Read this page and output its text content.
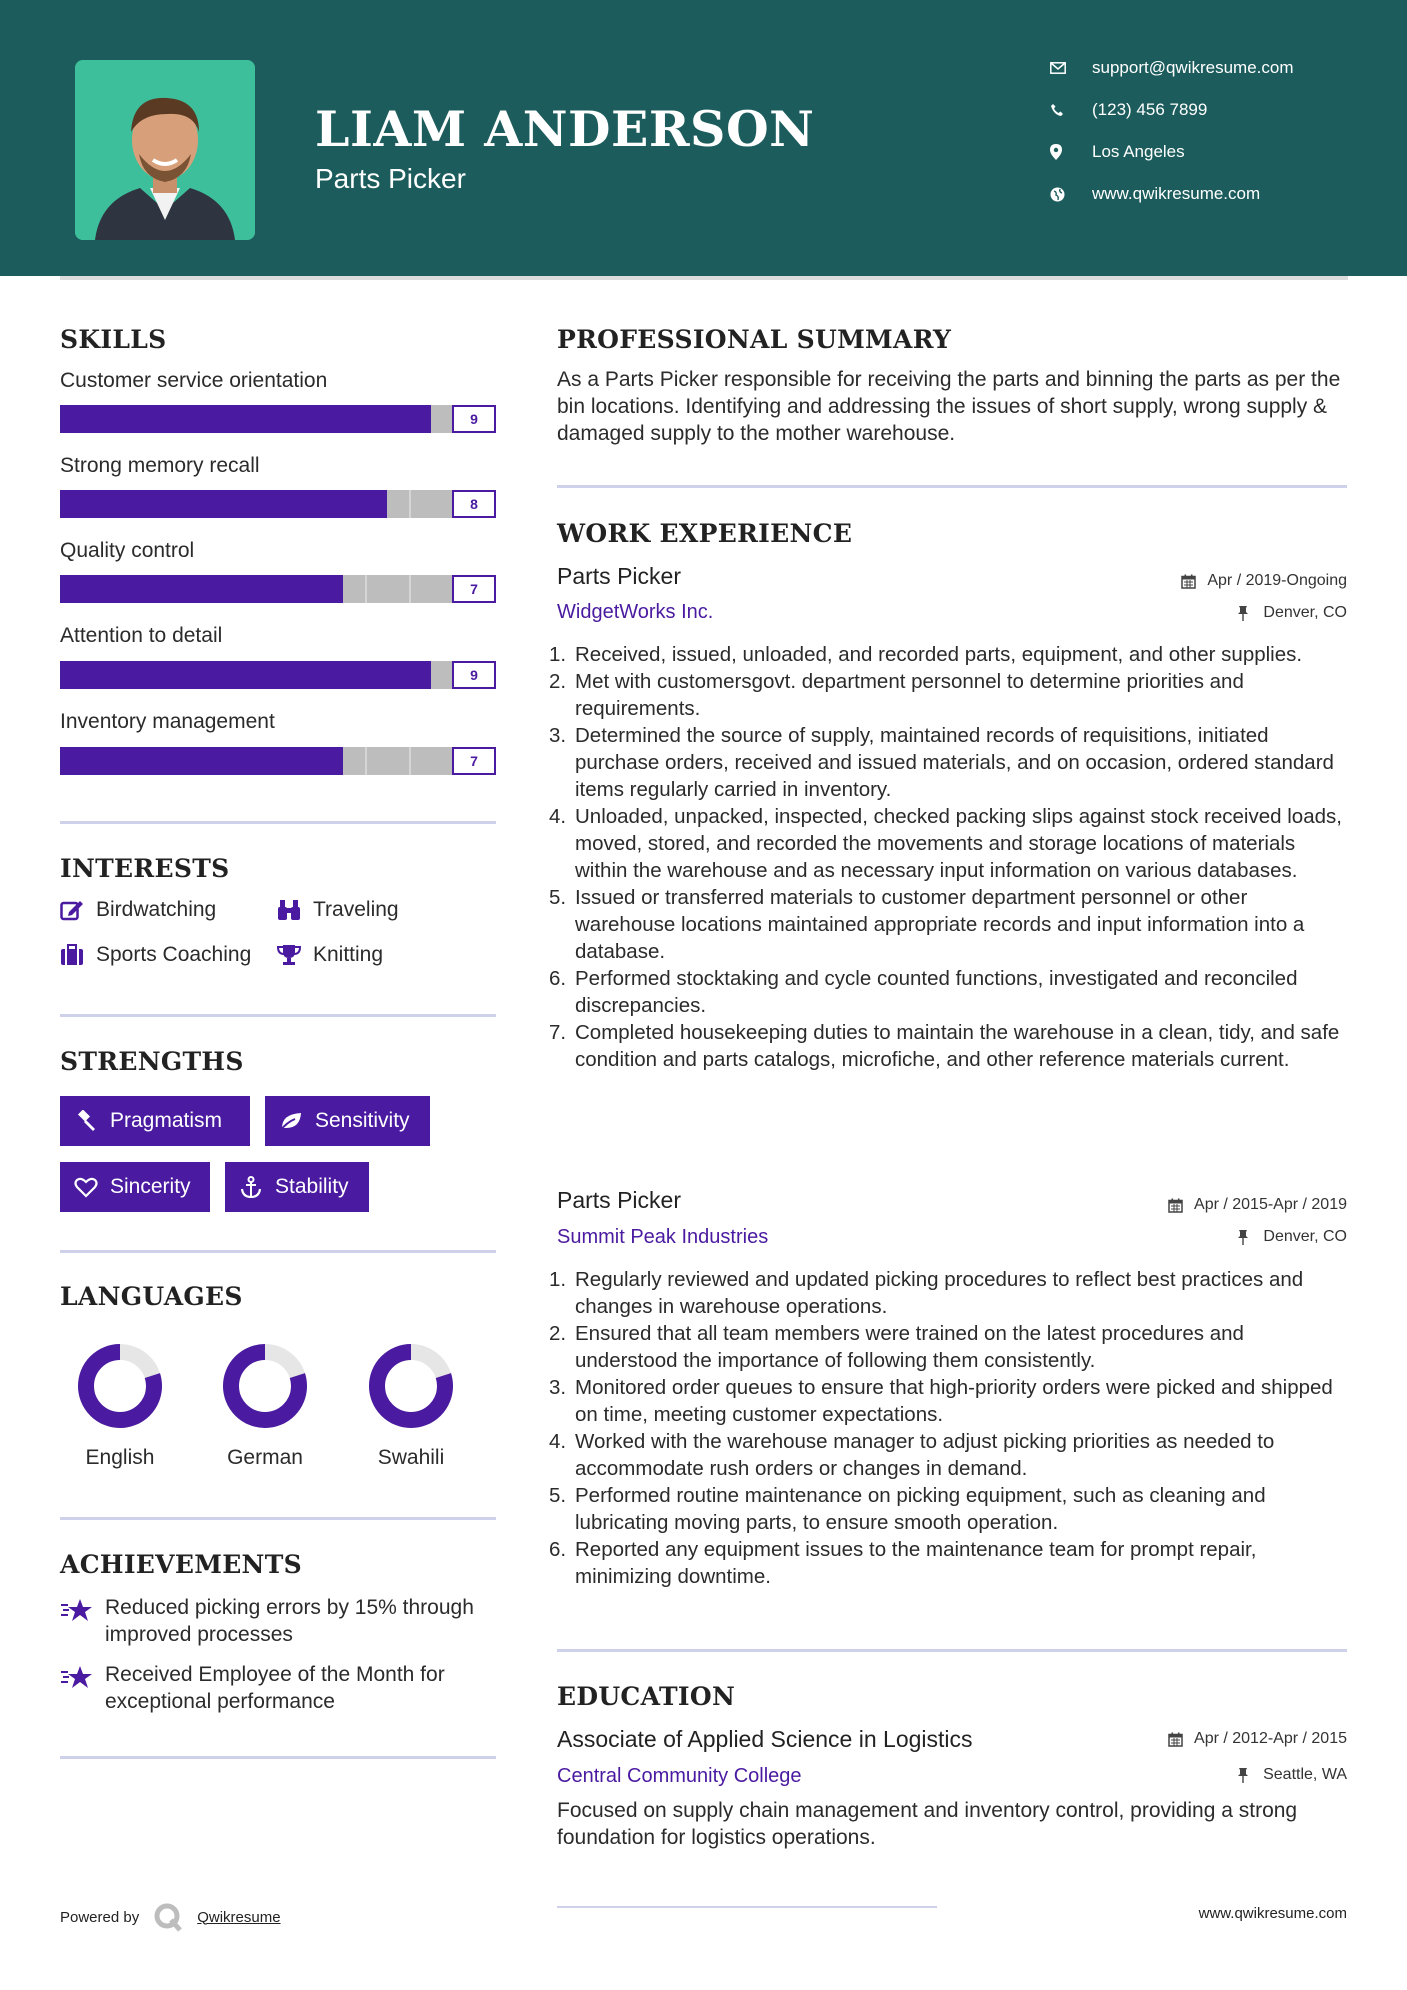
LIAM ANDERSON
Parts Picker
support@qwikresume.com
(123) 456 7899
Los Angeles
www.qwikresume.com
SKILLS
Customer service orientation
9
Strong memory recall
8
Quality control
7
Attention to detail
9
Inventory management
7
INTERESTS
Birdwatching	Traveling
Sports Coaching	Knitting
STRENGTHS
Pragmatism	Sensitivity
Sincerity	Stability
LANGUAGES
English	German	Swahili
ACHIEVEMENTS
Reduced picking errors by 15% through improved processes
Received Employee of the Month for exceptional performance
PROFESSIONAL SUMMARY
As a Parts Picker responsible for receiving the parts and binning the parts as per the bin locations. Identifying and addressing the issues of short supply, wrong supply & damaged supply to the mother warehouse.
WORK EXPERIENCE
Parts Picker	Apr / 2019-Ongoing
WidgetWorks Inc.	Denver, CO
1. Received, issued, unloaded, and recorded parts, equipment, and other supplies.
2. Met with customersgovt. department personnel to determine priorities and requirements.
3. Determined the source of supply, maintained records of requisitions, initiated purchase orders, received and issued materials, and on occasion, ordered standard items regularly carried in inventory.
4. Unloaded, unpacked, inspected, checked packing slips against stock received loads, moved, stored, and recorded the movements and storage locations of materials within the warehouse and as necessary input information on various databases.
5. Issued or transferred materials to customer department personnel or other warehouse locations maintained appropriate records and input information into a database.
6. Performed stocktaking and cycle counted functions, investigated and reconciled discrepancies.
7. Completed housekeeping duties to maintain the warehouse in a clean, tidy, and safe condition and parts catalogs, microfiche, and other reference materials current.
Parts Picker	Apr / 2015-Apr / 2019
Summit Peak Industries	Denver, CO
1. Regularly reviewed and updated picking procedures to reflect best practices and changes in warehouse operations.
2. Ensured that all team members were trained on the latest procedures and understood the importance of following them consistently.
3. Monitored order queues to ensure that high-priority orders were picked and shipped on time, meeting customer expectations.
4. Worked with the warehouse manager to adjust picking priorities as needed to accommodate rush orders or changes in demand.
5. Performed routine maintenance on picking equipment, such as cleaning and lubricating moving parts, to ensure smooth operation.
6. Reported any equipment issues to the maintenance team for prompt repair, minimizing downtime.
EDUCATION
Associate of Applied Science in Logistics	Apr / 2012-Apr / 2015
Central Community College	Seattle, WA
Focused on supply chain management and inventory control, providing a strong foundation for logistics operations.
Powered by	Qwikresume	www.qwikresume.com
